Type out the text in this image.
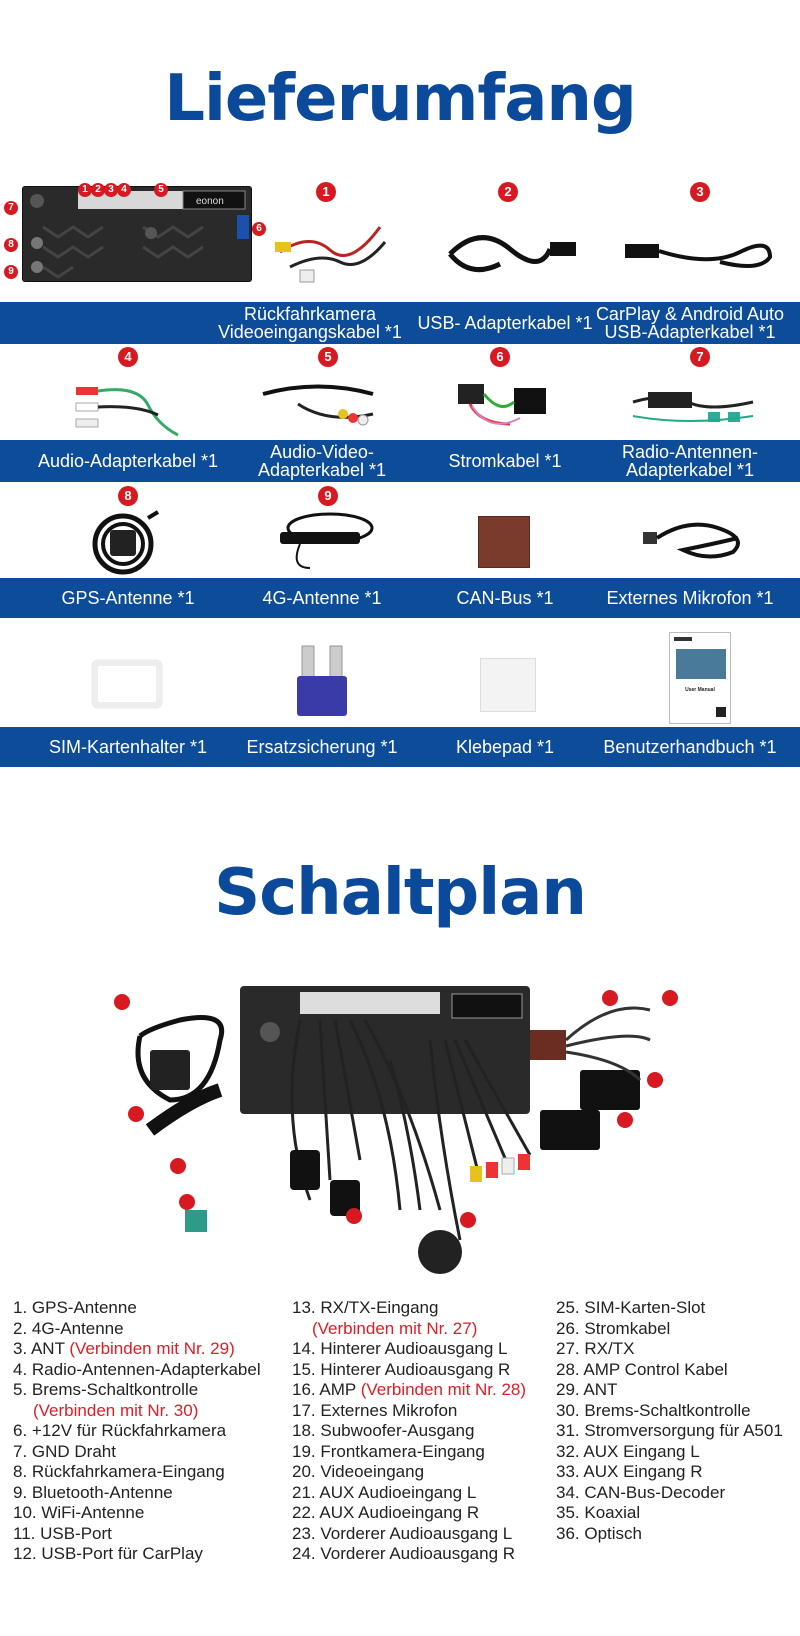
Lieferumfang
eonon
1 2 3 4	5
6
7
8
9
1
Rückfahrkamera Videoeingangskabel *1
2
USB- Adapterkabel *1
3
CarPlay & Android Auto USB-Adapterkabel *1
4
Audio-Adapterkabel *1
5
Audio-Video- Adapterkabel *1
6
Stromkabel *1
7
Radio-Antennen- Adapterkabel *1
8
GPS-Antenne *1
9
4G-Antenne *1	CAN-Bus *1	Externes Mikrofon *1
SIM-Kartenhalter *1	Ersatzsicherung *1	Klebepad *1
User Manual
Benutzerhandbuch *1
Schaltplan
1. GPS-Antenne
2. 4G-Antenne
3. ANT (Verbinden mit Nr. 29)
4. Radio-Antennen-Adapterkabel
5. Brems-Schaltkontrolle
(Verbinden mit Nr. 30)
6. +12V für Rückfahrkamera
7. GND Draht
8. Rückfahrkamera-Eingang
9. Bluetooth-Antenne
10. WiFi-Antenne
11. USB-Port
12. USB-Port für CarPlay
13. RX/TX-Eingang
(Verbinden mit Nr. 27)
14. Hinterer Audioausgang L
15. Hinterer Audioausgang R
16. AMP (Verbinden mit Nr. 28)
17. Externes Mikrofon
18. Subwoofer-Ausgang
19. Frontkamera-Eingang
20. Videoeingang
21. AUX Audioeingang L
22. AUX Audioeingang R
23. Vorderer Audioausgang L
24. Vorderer Audioausgang R
25. SIM-Karten-Slot
26. Stromkabel
27. RX/TX
28. AMP Control Kabel
29. ANT
30. Brems-Schaltkontrolle
31. Stromversorgung für A501
32. AUX Eingang L
33. AUX Eingang R
34. CAN-Bus-Decoder
35. Koaxial
36. Optisch
